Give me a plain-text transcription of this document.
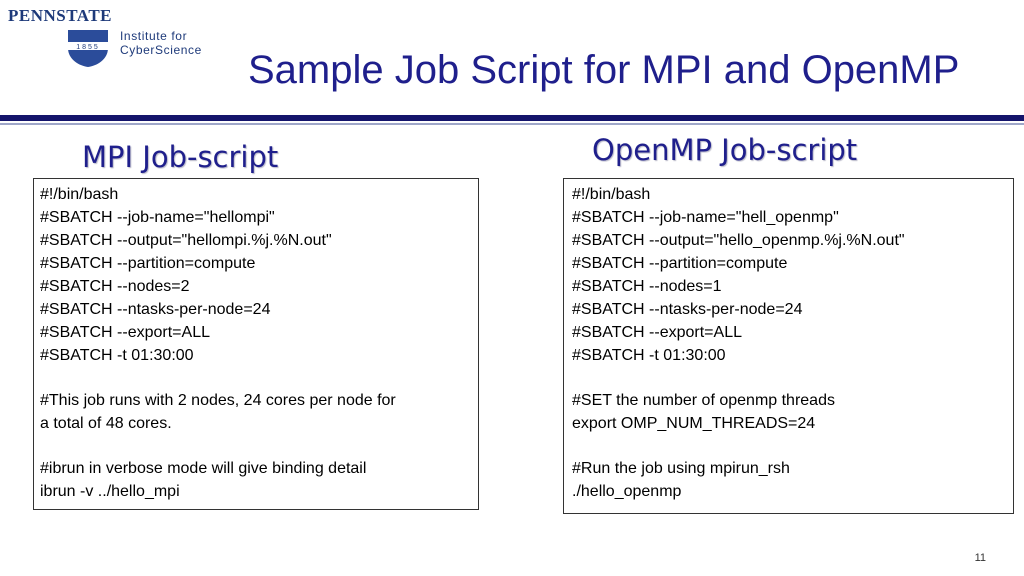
PENNSTATE
1855
Institute for
CyberScience Sample Job Script for MPI and OpenMP
MPI Job-script	OpenMP Job-script
#!/bin/bash
#SBATCH --job-name="hellompi"
#SBATCH --output="hellompi.%j.%N.out"
#SBATCH --partition=compute
#SBATCH --nodes=2
#SBATCH --ntasks-per-node=24
#SBATCH --export=ALL
#SBATCH -t 01:30:00
#This job runs with 2 nodes, 24 cores per node for
a total of 48 cores.
#ibrun in verbose mode will give binding detail
ibrun -v ../hello_mpi
#!/bin/bash
#SBATCH --job-name="hell_openmp"
#SBATCH --output="hello_openmp.%j.%N.out"
#SBATCH --partition=compute
#SBATCH --nodes=1
#SBATCH --ntasks-per-node=24
#SBATCH --export=ALL
#SBATCH -t 01:30:00
#SET the number of openmp threads
export OMP_NUM_THREADS=24
#Run the job using mpirun_rsh
./hello_openmp
11
